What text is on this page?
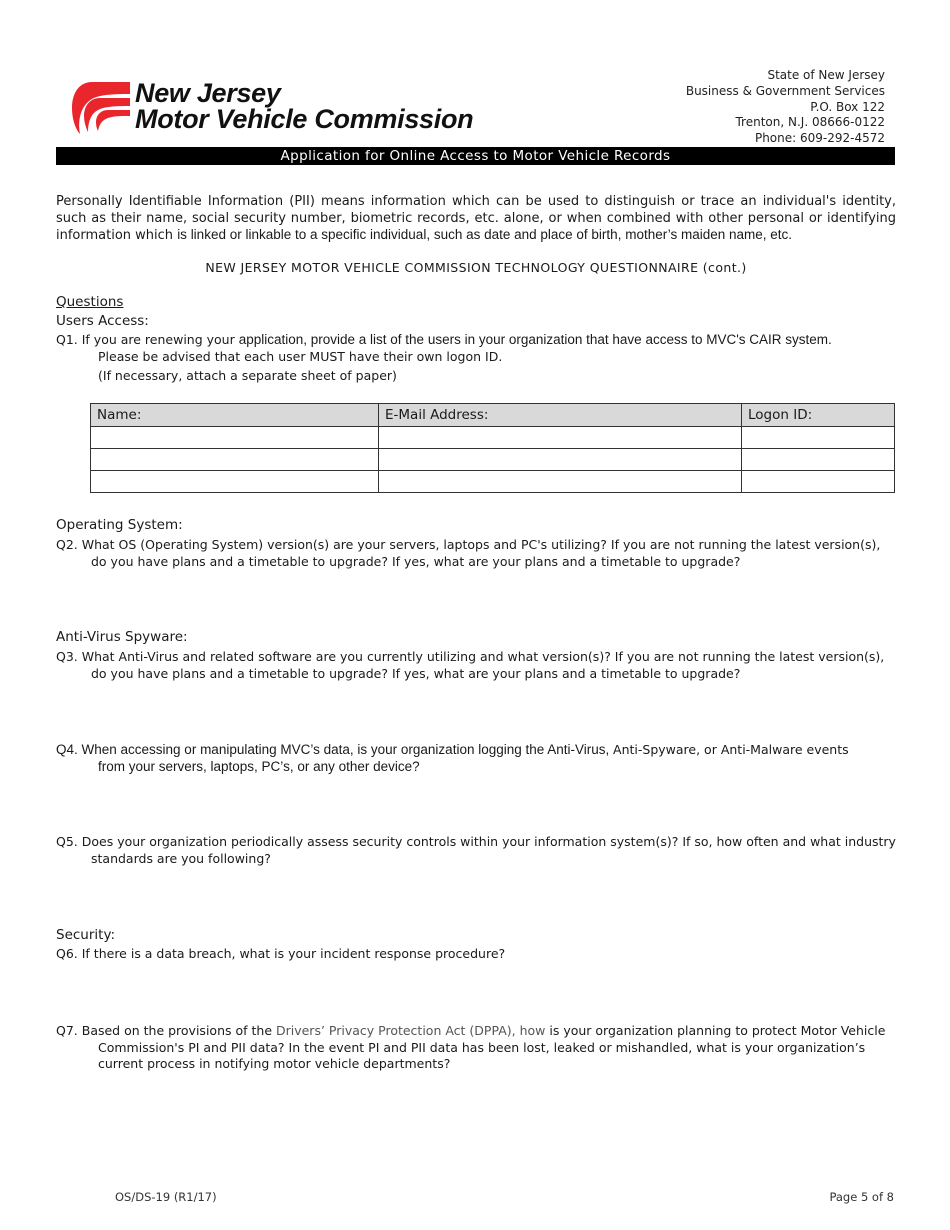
New Jersey
Motor Vehicle Commission
State of New Jersey
Business & Government Services
P.O. Box 122
Trenton, N.J. 08666-0122
Phone: 609-292-4572
Application for Online Access to Motor Vehicle Records
Personally Identifiable Information (PII) means information which can be used to distinguish or trace an individual's identity, such as their name, social security number, biometric records, etc. alone, or when combined with other personal or identifying information which is linked or linkable to a specific individual, such as date and place of birth, mother’s maiden name, etc.
NEW JERSEY MOTOR VEHICLE COMMISSION TECHNOLOGY QUESTIONNAIRE (cont.)
Questions
Users Access:
Q1. If you are renewing your application, provide a list of the users in your organization that have access to MVC's CAIR system.
Please be advised that each user MUST have their own logon ID.
(If necessary, attach a separate sheet of paper)
Name:	E-Mail Address:	Logon ID:

Operating System:
Q2. What OS (Operating System) version(s) are your servers, laptops and PC's utilizing? If you are not running the latest version(s),
do you have plans and a timetable to upgrade? If yes, what are your plans and a timetable to upgrade?
Anti-Virus Spyware:
Q3. What Anti-Virus and related software are you currently utilizing and what version(s)? If you are not running the latest version(s),
do you have plans and a timetable to upgrade? If yes, what are your plans and a timetable to upgrade?
Q4. When accessing or manipulating MVC’s data, is your organization logging the Anti-Virus, Anti-Spyware, or Anti-Malware events
from your servers, laptops, PC’s, or any other device?
Q5. Does your organization periodically assess security controls within your information system(s)? If so, how often and what industry
standards are you following?
Security:
Q6. If there is a data breach, what is your incident response procedure?
Q7. Based on the provisions of the Drivers’ Privacy Protection Act (DPPA), how is your organization planning to protect Motor Vehicle
Commission's PI and PII data? In the event PI and PII data has been lost, leaked or mishandled, what is your organization’s
current process in notifying motor vehicle departments?
OS/DS-19 (R1/17)	Page 5 of 8
